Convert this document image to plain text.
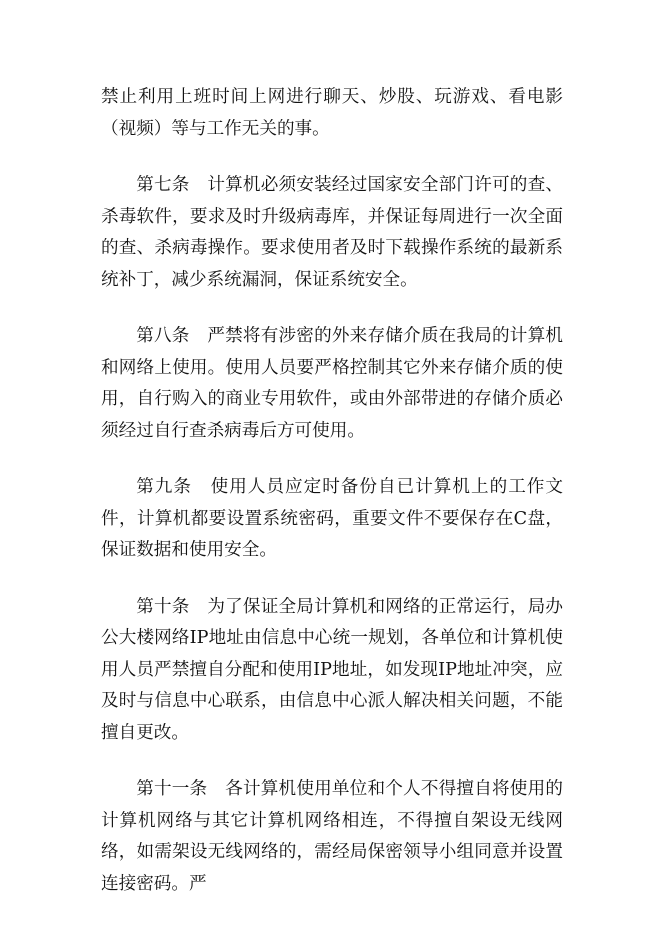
禁止利用上班时间上网进行聊天、炒股、玩游戏、看电影（视频）等与工作无关的事。

第七条 计算机必须安装经过国家安全部门许可的查、杀毒软件，要求及时升级病毒库，并保证每周进行一次全面的查、杀病毒操作。要求使用者及时下载操作系统的最新系统补丁，减少系统漏洞，保证系统安全。

第八条 严禁将有涉密的外来存储介质在我局的计算机和网络上使用。使用人员要严格控制其它外来存储介质的使用，自行购入的商业专用软件，或由外部带进的存储介质必须经过自行查杀病毒后方可使用。

第九条 使用人员应定时备份自已计算机上的工作文件，计算机都要设置系统密码，重要文件不要保存在C盘，保证数据和使用安全。

第十条 为了保证全局计算机和网络的正常运行，局办公大楼网络IP地址由信息中心统一规划，各单位和计算机使用人员严禁擅自分配和使用IP地址，如发现IP地址冲突，应及时与信息中心联系，由信息中心派人解决相关问题，不能擅自更改。

第十一条 各计算机使用单位和个人不得擅自将使用的计算机网络与其它计算机网络相连，不得擅自架设无线网络，如需架设无线网络的，需经局保密领导小组同意并设置连接密码。严
